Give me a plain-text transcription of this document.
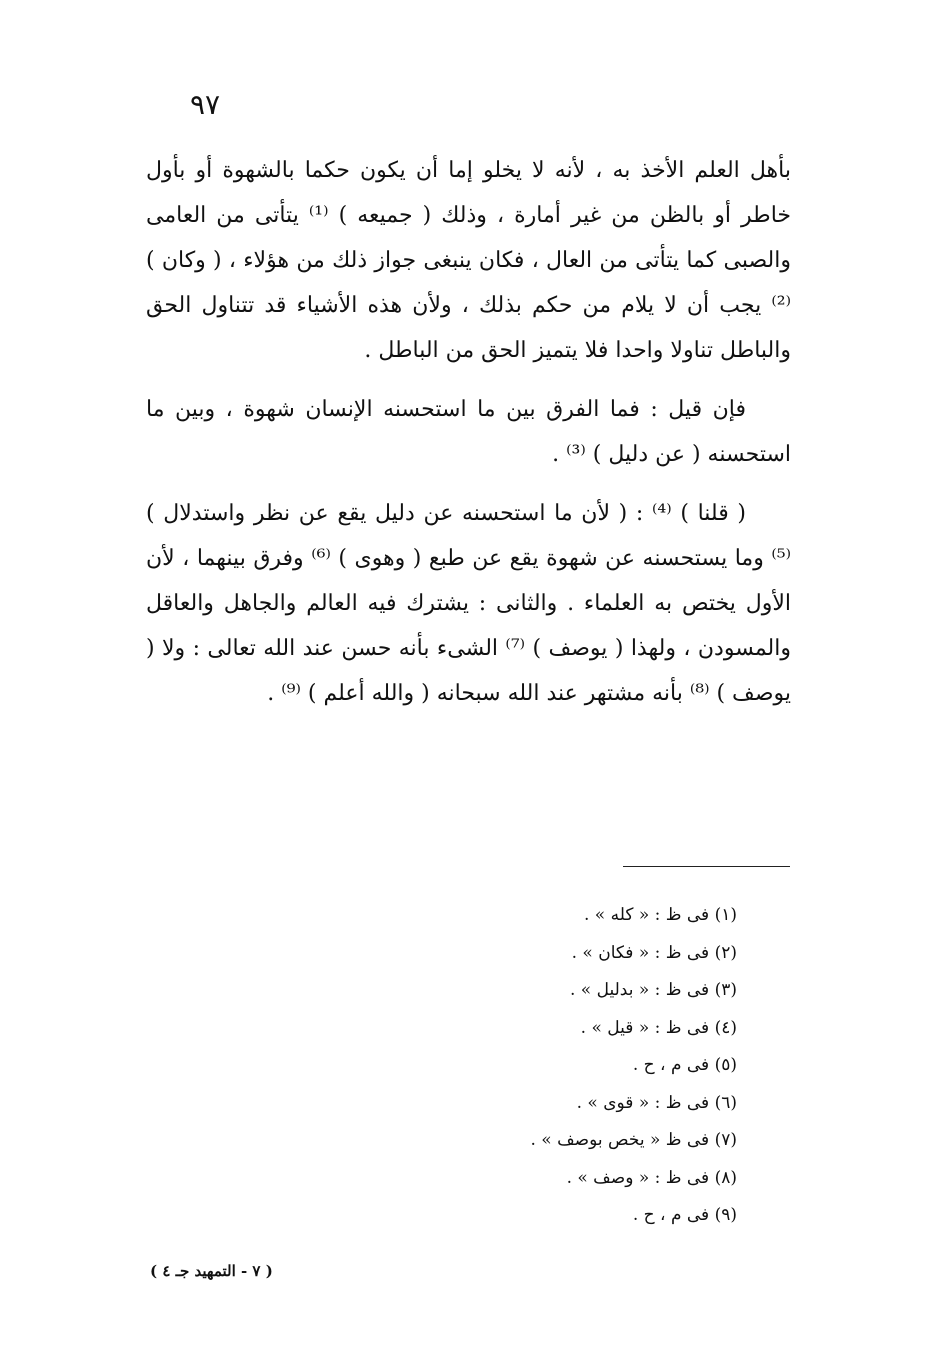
٩٧

بأهل العلم الأخذ به ، لأنه لا يخلو إما أن يكون حكما بالشهوة أو بأول خاطر أو بالظن من غير أمارة ، وذلك ( جميعه ) ⁽¹⁾ يتأتى من العامى والصبى كما يتأتى من العال ، فكان ينبغى جواز ذلك من هؤلاء ، ( وكان ) ⁽²⁾ يجب أن لا يلام من حكم بذلك ، ولأن هذه الأشياء قد تتناول الحق والباطل تناولا واحدا فلا يتميز الحق من الباطل .

فإن قيل : فما الفرق بين ما استحسنه الإنسان شهوة ، وبين ما استحسنه ( عن دليل ) ⁽³⁾ .

( قلنا ) ⁽⁴⁾ : ( لأن ما استحسنه عن دليل يقع عن نظر واستدلال ) ⁽⁵⁾ وما يستحسنه عن شهوة يقع عن طبع ( وهوى ) ⁽⁶⁾ وفرق بينهما ، لأن الأول يختص به العلماء . والثانى : يشترك فيه العالم والجاهل والعاقل والمسودن ، ولهذا ( يوصف ) ⁽⁷⁾ الشىء بأنه حسن عند الله تعالى : ولا ( يوصف ) ⁽⁸⁾ بأنه مشتهر عند الله سبحانه ( والله أعلم ) ⁽⁹⁾ .

(١) فى ظ : « كله » .
(٢) فى ظ : « فكان » .
(٣) فى ظ : « بدليل » .
(٤) فى ظ : « قيل » .
(٥) فى م ، ح .
(٦) فى ظ : « قوى » .
(٧) فى ظ « يخص بوصف » .
(٨) فى ظ : « وصف » .
(٩) فى م ، ح .
( ٧ - التمهيد جـ ٤ )
